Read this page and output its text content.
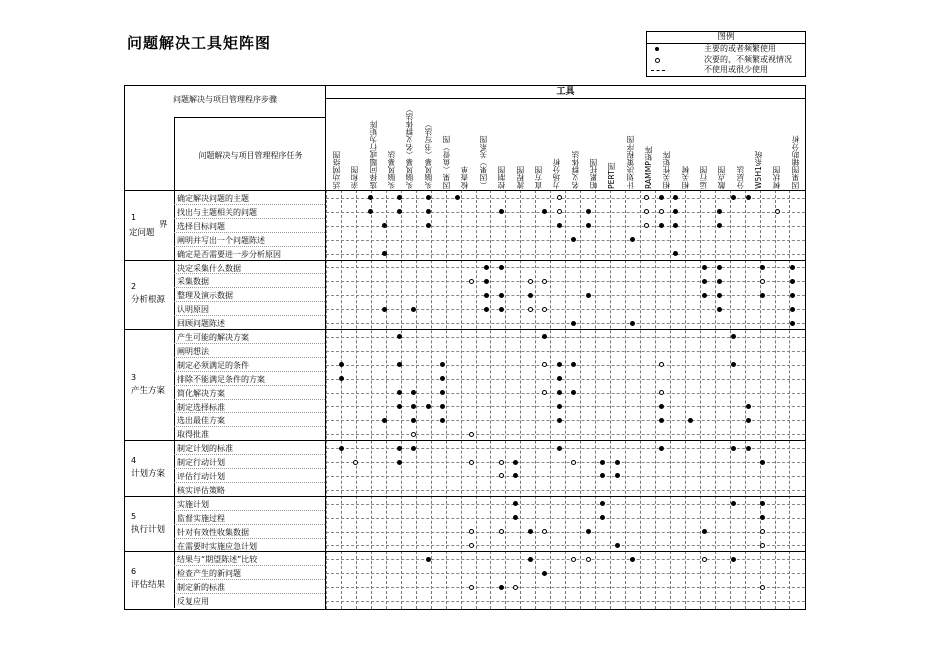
问题解决工具矩阵图	图例
主要的或者频繁使用
次要的、不频繁或视情况
不使用或很少使用
问题解决与项目管理程序步骤
问题解决与项目管理程序任务
工具
活动网络图 亲和图 选择问题或行为矩阵 头脑风暴法 头脑风暴（名义群体法） 头脑风暴（书写法） 因果（鱼骨）图 检查单 （因果）关系图 控制图 流程图 直方图 力场分析 名义群体法 帕累托图 PERT图 计划决策程序图 RAMMP矩阵 相关性矩阵 相关树 运行图 散点图 分层法 W5H1系统 树状图 因果图辅助分析
1
定问题
界
确定解决问题的主题
找出与主题相关的问题
选择目标问题
阐明并写出一个问题陈述
确定是否需要进一步分析原因
2
分析根源
决定采集什么数据
采集数据
整理及演示数据
认明原因
回顾问题陈述
3
产生方案
产生可能的解决方案
阐明想法
制定必须满足的条件
排除不能满足条件的方案
简化解决方案
制定选择标准
选出最佳方案
取得批准
4
计划方案
制定计划的标准
制定行动计划
评估行动计划
核实评估策略
5
执行计划
实施计划
监督实施过程
针对有效性收集数据
在需要时实施应急计划
6
评估结果
结果与“期望陈述”比较
检查产生的新问题
制定新的标准
反复应用
